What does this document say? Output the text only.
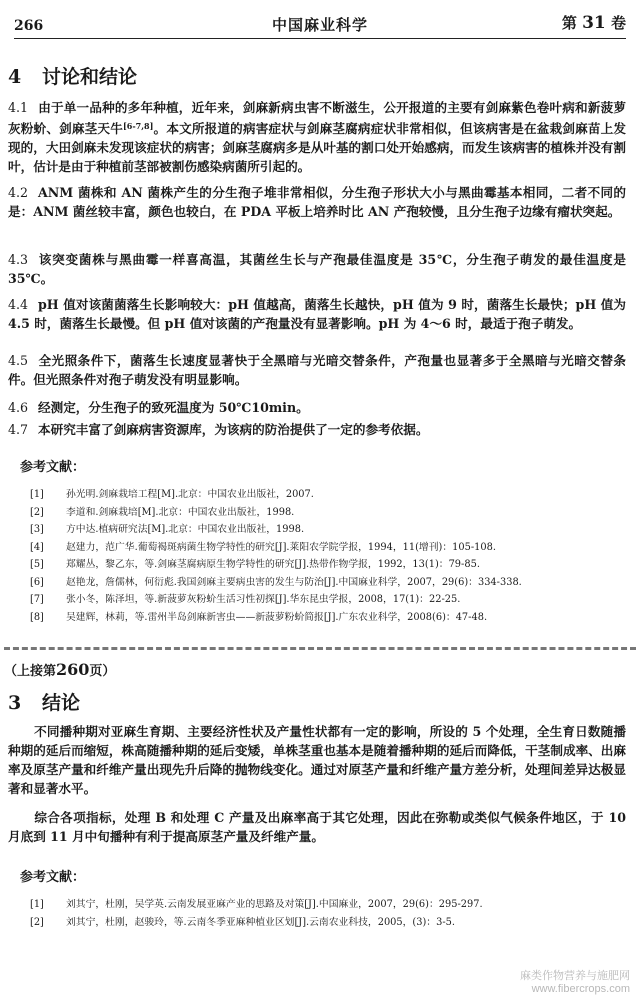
266	中国麻业科学	第 31 卷
4 讨论和结论
4.1 由于单一品种的多年种植，近年来，剑麻新病虫害不断滋生，公开报道的主要有剑麻紫色卷叶病和新菠萝灰粉蚧、剑麻茎天牛[6-7,8]。本文所报道的病害症状与剑麻茎腐病症状非常相似，但该病害是在盆栽剑麻苗上发现的，大田剑麻未发现该症状的病害；剑麻茎腐病多是从叶基的割口处开始感病，而发生该病害的植株并没有割叶，估计是由于种植前茎部被割伤感染病菌所引起的。
4.2 ANM 菌株和 AN 菌株产生的分生孢子堆非常相似，分生孢子形状大小与黑曲霉基本相同，二者不同的是：ANM 菌丝较丰富，颜色也较白，在 PDA 平板上培养时比 AN 产孢较慢，且分生孢子边缘有瘤状突起。
4.3 该突变菌株与黑曲霉一样喜高温，其菌丝生长与产孢最佳温度是 35℃，分生孢子萌发的最佳温度是 35℃。
4.4 pH 值对该菌菌落生长影响较大：pH 值越高，菌落生长越快，pH 值为 9 时，菌落生长最快；pH 值为 4.5 时，菌落生长最慢。但 pH 值对该菌的产孢量没有显著影响。pH 为 4～6 时，最适于孢子萌发。
4.5 全光照条件下，菌落生长速度显著快于全黑暗与光暗交替条件，产孢量也显著多于全黑暗与光暗交替条件。但光照条件对孢子萌发没有明显影响。
4.6 经测定，分生孢子的致死温度为 50℃10min。
4.7 本研究丰富了剑麻病害资源库，为该病的防治提供了一定的参考依据。
参考文献：
[1]	孙光明.剑麻栽培工程[M].北京：中国农业出版社，2007.
[2]	李道和.剑麻栽培[M].北京：中国农业出版社，1998.
[3]	方中达.植病研究法[M].北京：中国农业出版社，1998.
[4]	赵建力，范广华.葡萄褐斑病菌生物学特性的研究[J].莱阳农学院学报，1994，11(增刊)：105-108.
[5]	郑耀丛，黎乙东，等.剑麻茎腐病原生物学特性的研究[J].热带作物学报，1992，13(1)：79-85.
[6]	赵艳龙，詹儒林，何衍彪.我国剑麻主要病虫害的发生与防治[J].中国麻业科学，2007，29(6)：334-338.
[7]	张小冬，陈泽坦，等.新菠萝灰粉蚧生活习性初探[J].华东昆虫学报，2008，17(1)：22-25.
[8]	吴建辉，林莉，等.雷州半岛剑麻新害虫——新菠萝粉蚧简报[J].广东农业科学，2008(6)：47-48.
（上接第260页）
3 结论
不同播种期对亚麻生育期、主要经济性状及产量性状都有一定的影响，所设的 5 个处理，全生育日数随播种期的延后而缩短，株高随播种期的延后变矮，单株茎重也基本是随着播种期的延后而降低，干茎制成率、出麻率及原茎产量和纤维产量出现先升后降的抛物线变化。通过对原茎产量和纤维产量方差分析，处理间差异达极显著和显著水平。
综合各项指标，处理 B 和处理 C 产量及出麻率高于其它处理，因此在弥勒或类似气候条件地区，于 10 月底到 11 月中旬播种有利于提高原茎产量及纤维产量。
参考文献：
[1]	刘其宁，杜刚，吴学英.云南发展亚麻产业的思路及对策[J].中国麻业，2007，29(6)：295-297.
[2]	刘其宁，杜刚，赵骏玲，等.云南冬季亚麻种植业区划[J].云南农业科技，2005，(3)：3-5.
麻类作物营养与施肥网
www.fibercrops.com
